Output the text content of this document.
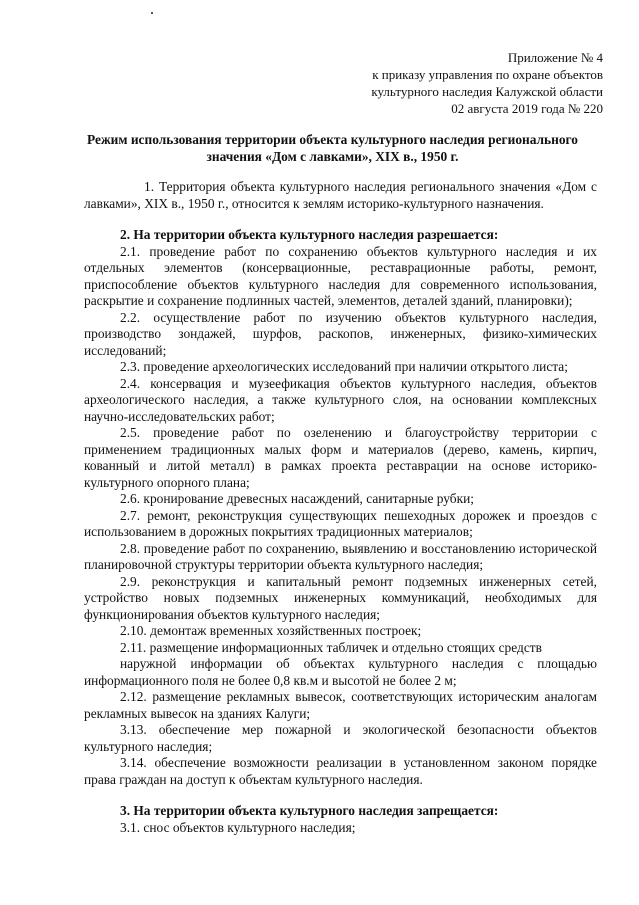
Приложение № 4
к приказу управления по охране объектов
культурного наследия Калужской области
02 августа 2019 года № 220
Режим использования территории объекта культурного наследия регионального
значения «Дом с лавками», XIX в., 1950 г.

1. Территория объекта культурного наследия регионального значения «Дом с лавками», XIX в., 1950 г., относится к землям историко-культурного назначения.

2. На территории объекта культурного наследия разрешается:

2.1. проведение работ по сохранению объектов культурного наследия и их отдельных элементов (консервационные, реставрационные работы, ремонт, приспособление объектов культурного наследия для современного использования, раскрытие и сохранение подлинных частей, элементов, деталей зданий, планировки);

2.2. осуществление работ по изучению объектов культурного наследия, производство зондажей, шурфов, раскопов, инженерных, физико-химических исследований;

2.3. проведение археологических исследований при наличии открытого листа;

2.4. консервация и музеефикация объектов культурного наследия, объектов археологического наследия, а также культурного слоя, на основании комплексных научно-исследовательских работ;

2.5. проведение работ по озеленению и благоустройству территории с применением традиционных малых форм и материалов (дерево, камень, кирпич, кованный и литой металл) в рамках проекта реставрации на основе историко-культурного опорного плана;

2.6. кронирование древесных насаждений, санитарные рубки;

2.7. ремонт, реконструкция существующих пешеходных дорожек и проездов с использованием в дорожных покрытиях традиционных материалов;

2.8. проведение работ по сохранению, выявлению и восстановлению исторической планировочной структуры территории объекта культурного наследия;

2.9. реконструкция и капитальный ремонт подземных инженерных сетей, устройство новых подземных инженерных коммуникаций, необходимых для функционирования объектов культурного наследия;

2.10. демонтаж временных хозяйственных построек;

2.11. размещение информационных табличек и отдельно стоящих средств

наружной информации об объектах культурного наследия с площадью информационного поля не более 0,8 кв.м и высотой не более 2 м;

2.12. размещение рекламных вывесок, соответствующих историческим аналогам рекламных вывесок на зданиях Калуги;

3.13. обеспечение мер пожарной и экологической безопасности объектов культурного наследия;

3.14. обеспечение возможности реализации в установленном законом порядке права граждан на доступ к объектам культурного наследия.

3. На территории объекта культурного наследия запрещается:

3.1. снос объектов культурного наследия;
